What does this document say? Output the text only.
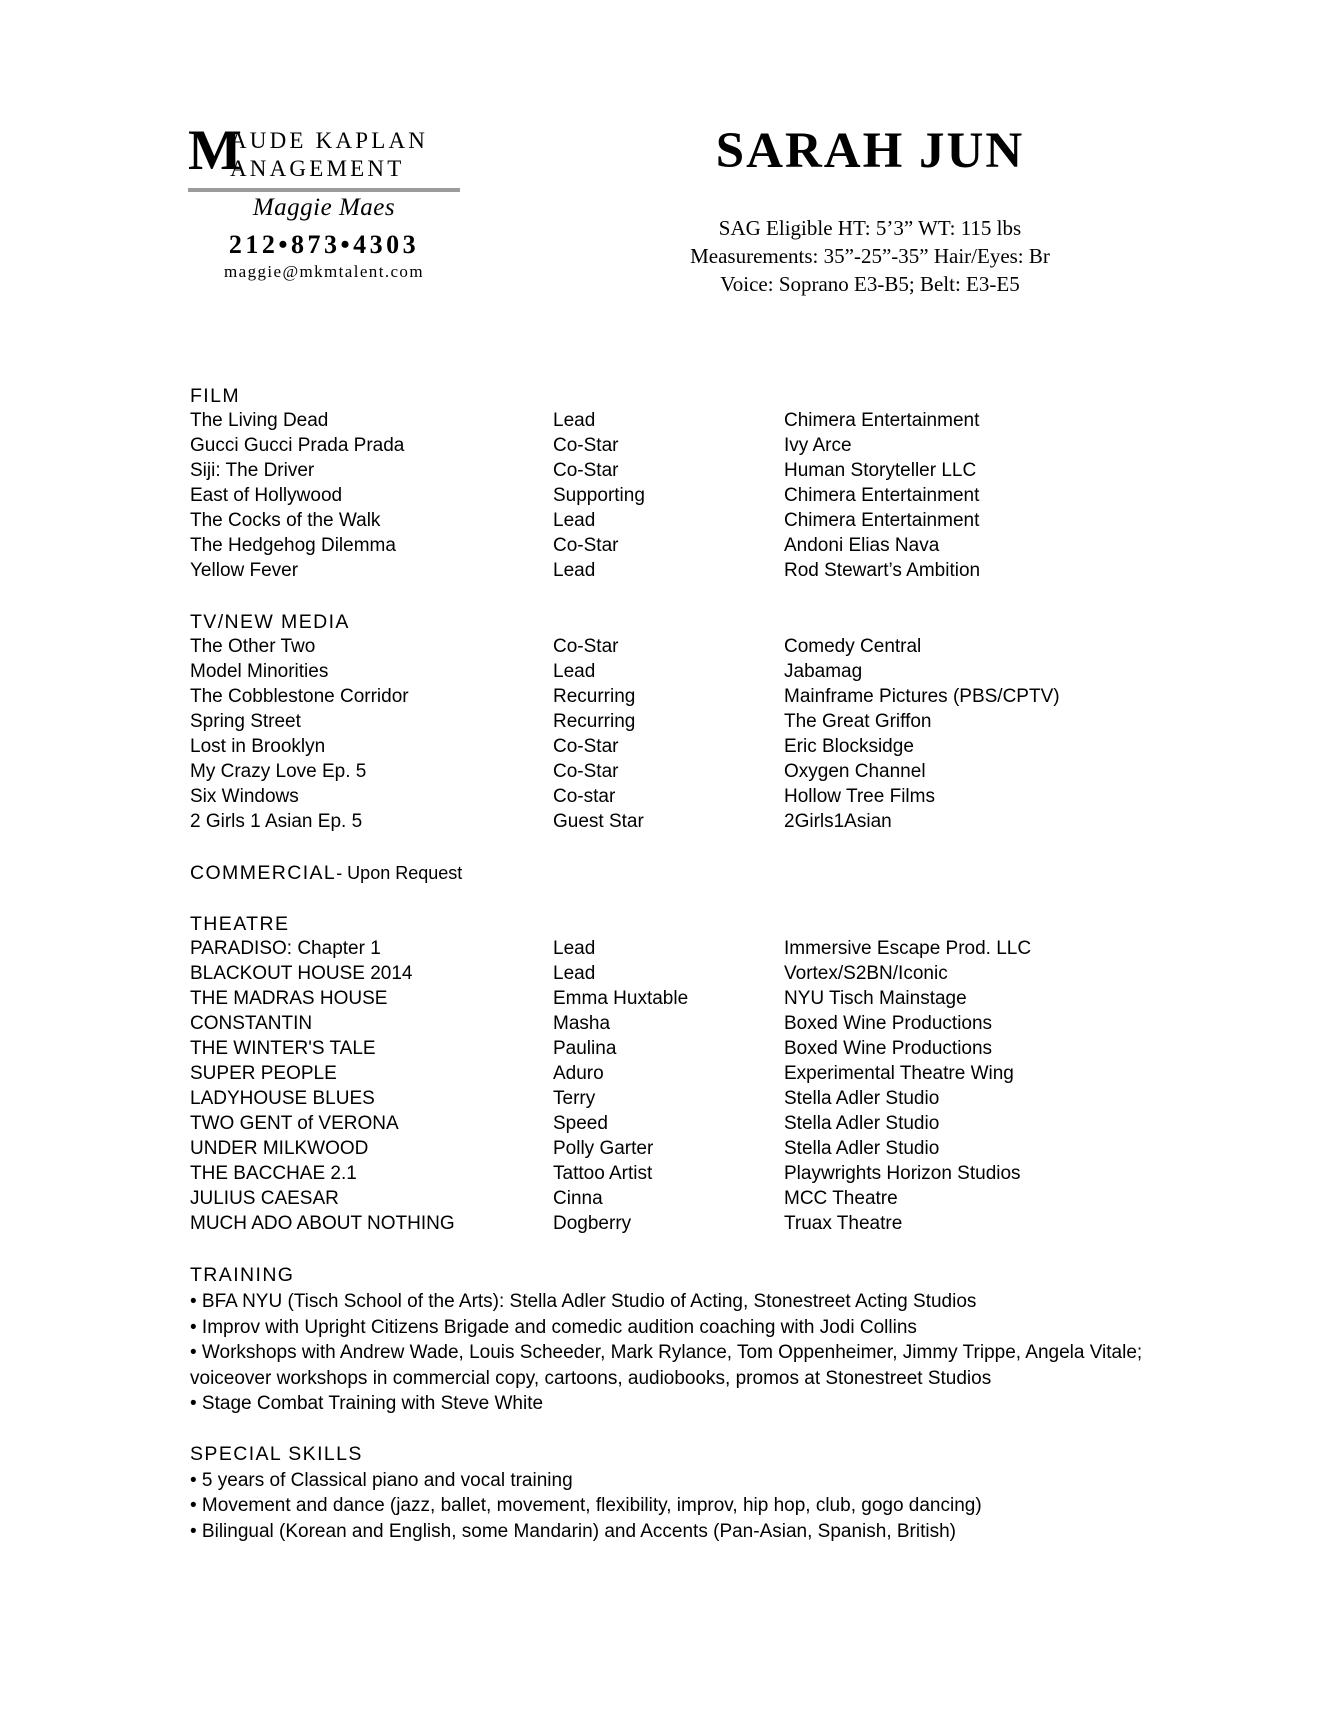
M
AUDE KAPLAN
ANAGEMENT
Maggie Maes
212•873•4303
maggie@mkmtalent.com
SARAH JUN
SAG Eligible HT: 5’3” WT: 115 lbs
Measurements: 35”-25”-35” Hair/Eyes: Br
Voice: Soprano E3-B5; Belt: E3-E5
FILM
The Living Dead	Lead	Chimera Entertainment
Gucci Gucci Prada Prada	Co-Star	Ivy Arce
Siji: The Driver	Co-Star	Human Storyteller LLC
East of Hollywood	Supporting	Chimera Entertainment
The Cocks of the Walk	Lead	Chimera Entertainment
The Hedgehog Dilemma	Co-Star	Andoni Elias Nava
Yellow Fever	Lead	Rod Stewart’s Ambition
TV/NEW MEDIA
The Other Two	Co-Star	Comedy Central
Model Minorities	Lead	Jabamag
The Cobblestone Corridor	Recurring	Mainframe Pictures (PBS/CPTV)
Spring Street	Recurring	The Great Griffon
Lost in Brooklyn	Co-Star	Eric Blocksidge
My Crazy Love Ep. 5	Co-Star	Oxygen Channel
Six Windows	Co-star	Hollow Tree Films
2 Girls 1 Asian Ep. 5	Guest Star	2Girls1Asian
COMMERCIAL- Upon Request
THEATRE
PARADISO: Chapter 1	Lead	Immersive Escape Prod. LLC
BLACKOUT HOUSE 2014	Lead	Vortex/S2BN/Iconic
THE MADRAS HOUSE	Emma Huxtable	NYU Tisch Mainstage
CONSTANTIN	Masha	Boxed Wine Productions
THE WINTER'S TALE	Paulina	Boxed Wine Productions
SUPER PEOPLE	Aduro	Experimental Theatre Wing
LADYHOUSE BLUES	Terry	Stella Adler Studio
TWO GENT of VERONA	Speed	Stella Adler Studio
UNDER MILKWOOD	Polly Garter	Stella Adler Studio
THE BACCHAE 2.1	Tattoo Artist	Playwrights Horizon Studios
JULIUS CAESAR	Cinna	MCC Theatre
MUCH ADO ABOUT NOTHING	Dogberry	Truax Theatre
TRAINING
• BFA NYU (Tisch School of the Arts): Stella Adler Studio of Acting, Stonestreet Acting Studios
• Improv with Upright Citizens Brigade and comedic audition coaching with Jodi Collins
• Workshops with Andrew Wade, Louis Scheeder, Mark Rylance, Tom Oppenheimer, Jimmy Trippe, Angela Vitale; voiceover workshops in commercial copy, cartoons, audiobooks, promos at Stonestreet Studios
• Stage Combat Training with Steve White
SPECIAL SKILLS
• 5 years of Classical piano and vocal training
• Movement and dance (jazz, ballet, movement, flexibility, improv, hip hop, club, gogo dancing)
• Bilingual (Korean and English, some Mandarin) and Accents (Pan-Asian, Spanish, British)
